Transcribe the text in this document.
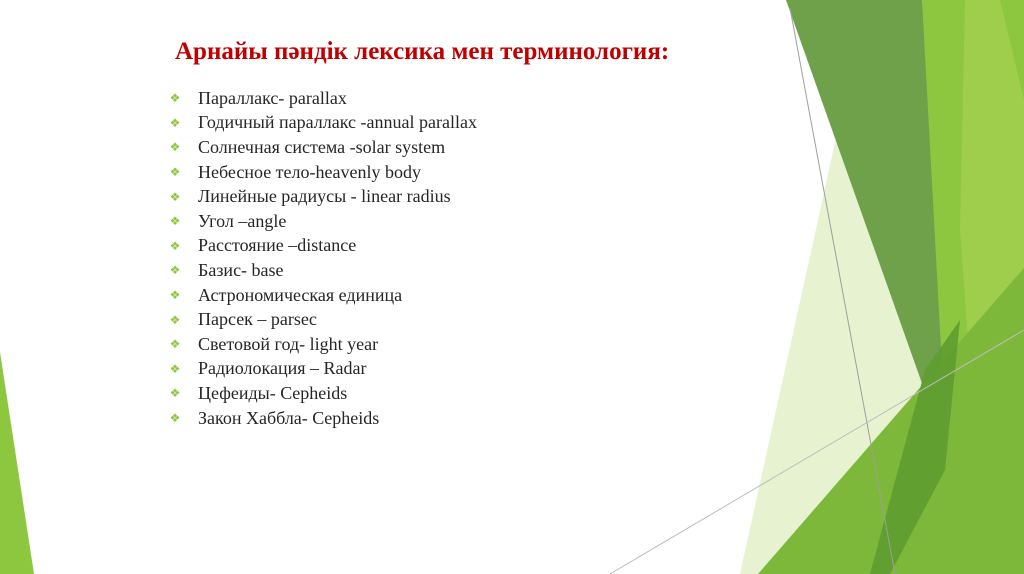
Арнайы пәндік лексика мен терминология:
❖ Параллакс- parallax
❖ Годичный параллакс -annual parallax
❖ Солнечная система -solar system
❖ Небесное тело-heavenly body
❖ Линейные радиусы - linear radius
❖ Угол –angle
❖ Расстояние –distance
❖ Базис- base
❖ Астрономическая единица
❖ Парсек – parsec
❖ Световой год- light year
❖ Радиолокация – Radar
❖ Цефеиды- Cepheids
❖ Закон Хаббла- Cepheids
